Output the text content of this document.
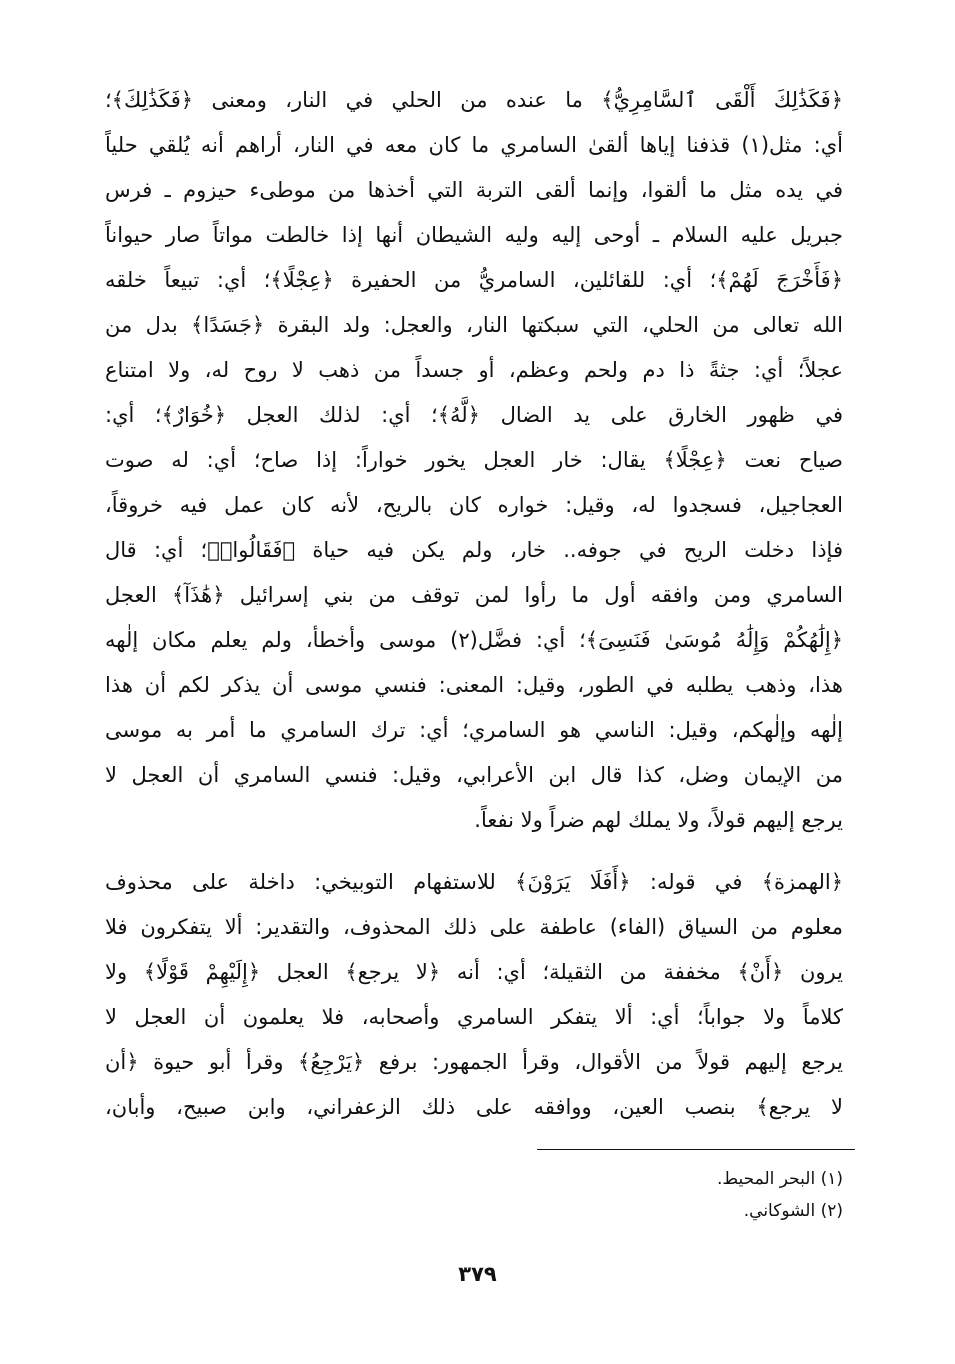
﴿فَكَذَٰلِكَ أَلْقَى ٱلسَّامِرِيُّ﴾ ما عنده من الحلي في النار، ومعنى ﴿فَكَذَٰلِكَ﴾؛
أي: مثل(١) قذفنا إياها ألقىٰ السامري ما كان معه في النار، أراهم أنه يُلقي حلياً
في يده مثل ما ألقوا، وإنما ألقى التربة التي أخذها من موطىء حيزوم ـ فرس
جبريل عليه السلام ـ أوحى إليه وليه الشيطان أنها إذا خالطت مواتاً صار حيواناً
﴿فَأَخْرَجَ لَهُمْ﴾؛ أي: للقائلين، السامريُّ من الحفيرة ﴿عِجْلًا﴾؛ أي: تبيعاً خلقه
الله تعالى من الحلي، التي سبكتها النار، والعجل: ولد البقرة ﴿جَسَدًا﴾ بدل من
عجلاً؛ أي: جثةً ذا دم ولحم وعظم، أو جسداً من ذهب لا روح له، ولا امتناع
في ظهور الخارق على يد الضال ﴿لَّهُ﴾؛ أي: لذلك العجل ﴿خُوَارٌ﴾؛ أي:
صياح نعت ﴿عِجْلًا﴾ يقال: خار العجل يخور خواراً: إذا صاح؛ أي: له صوت
العجاجيل، فسجدوا له، وقيل: خواره كان بالريح، لأنه كان عمل فيه خروقاً،
فإذا دخلت الريح في جوفه.. خار، ولم يكن فيه حياة ﴿فَقَالُوا۟﴾؛ أي: قال
السامري ومن وافقه أول ما رأوا لمن توقف من بني إسرائيل ﴿هَٰذَآ﴾ العجل
﴿إِلَٰهُكُمْ وَإِلَٰهُ مُوسَىٰ فَنَسِىَ﴾؛ أي: فضَّل(٢) موسى وأخطأ، ولم يعلم مكان إلٰهه
هذا، وذهب يطلبه في الطور، وقيل: المعنى: فنسي موسى أن يذكر لكم أن هذا
إلٰهه وإلٰهكم، وقيل: الناسي هو السامري؛ أي: ترك السامري ما أمر به موسى
من الإيمان وضل، كذا قال ابن الأعرابي، وقيل: فنسي السامري أن العجل لا
يرجع إليهم قولاً، ولا يملك لهم ضراً ولا نفعاً.
﴿الهمزة﴾ في قوله: ﴿أَفَلَا يَرَوْنَ﴾ للاستفهام التوبيخي: داخلة على محذوف
معلوم من السياق (الفاء) عاطفة على ذلك المحذوف، والتقدير: ألا يتفكرون فلا
يرون ﴿أَنْ﴾ مخففة من الثقيلة؛ أي: أنه ﴿لا يرجع﴾ العجل ﴿إِلَيْهِمْ قَوْلًا﴾ ولا
كلاماً ولا جواباً؛ أي: ألا يتفكر السامري وأصحابه، فلا يعلمون أن العجل لا
يرجع إليهم قولاً من الأقوال، وقرأ الجمهور: برفع ﴿يَرْجِعُ﴾ وقرأ أبو حيوة ﴿أن
لا يرجع﴾ بنصب العين، ووافقه على ذلك الزعفراني، وابن صبيح، وأبان،
(١) البحر المحيط.
(٢) الشوكاني.
٣٧٩
